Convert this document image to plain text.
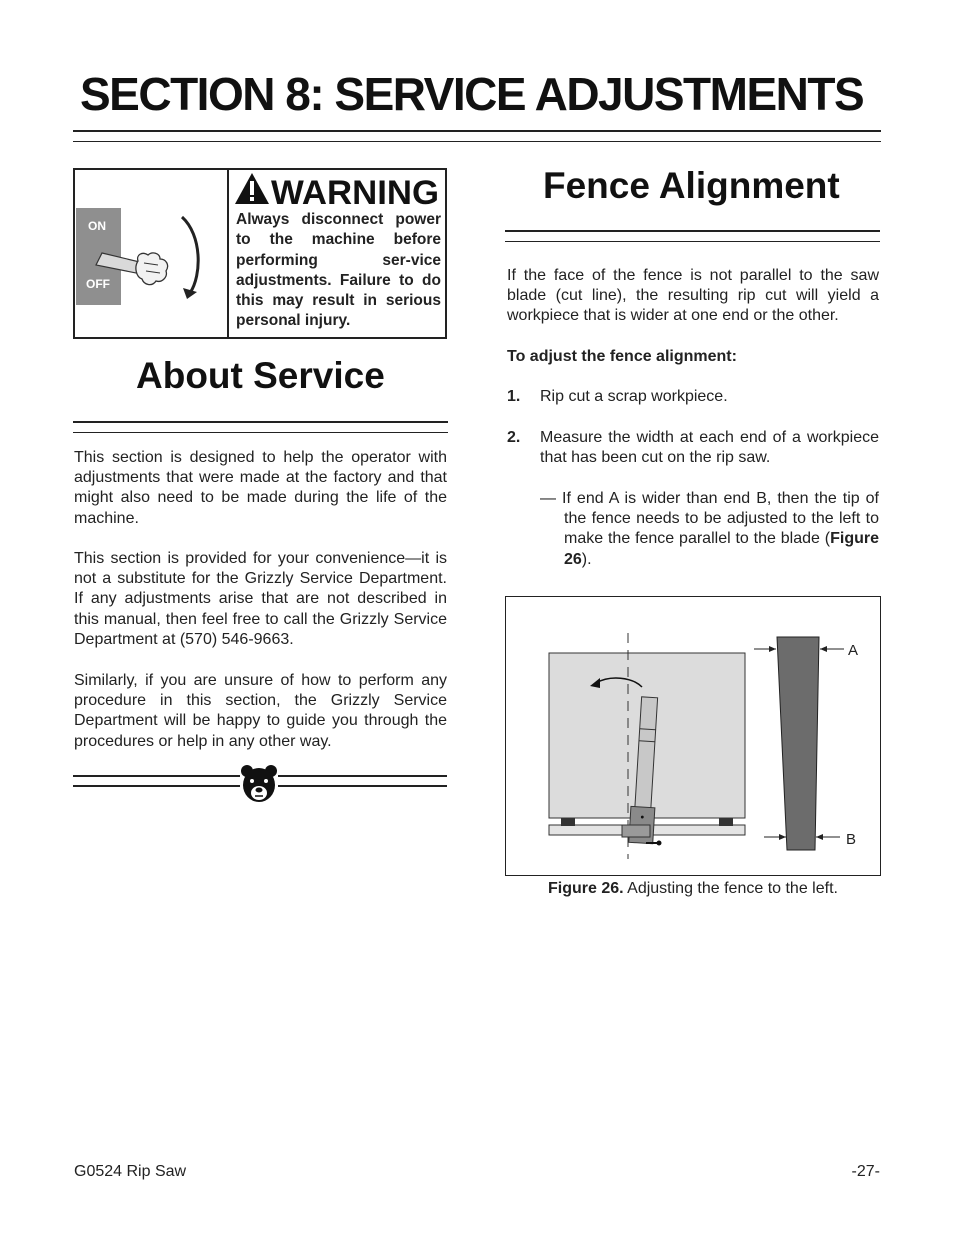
SECTION 8: SERVICE ADJUSTMENTS
ON
OFF
WARNING

Always disconnect power to the machine before performing ser-vice adjustments. Failure to do this may result in serious personal injury.

About Service

This section is designed to help the operator with adjustments that were made at the factory and that might also need to be made during the life of the machine.

This section is provided for your convenience—it is not a substitute for the Grizzly Service Department. If any adjustments arise that are not described in this manual, then feel free to call the Grizzly Service Department at (570) 546-9663.

Similarly, if you are unsure of how to perform any procedure in this section, the Grizzly Service Department will be happy to guide you through the procedures or help in any other way.

Fence Alignment

If the face of the fence is not parallel to the saw blade (cut line), the resulting rip cut will yield a workpiece that is wider at one end or the other.

To adjust the fence alignment:

1. Rip cut a scrap workpiece.

2. Measure the width at each end of a workpiece that has been cut on the rip saw.

— If end A is wider than end B, then the tip of the fence needs to be adjusted to the left to make the fence parallel to the blade (Figure 26).

A
B

Figure 26. Adjusting the fence to the left.

G0524 Rip Saw	-27-
